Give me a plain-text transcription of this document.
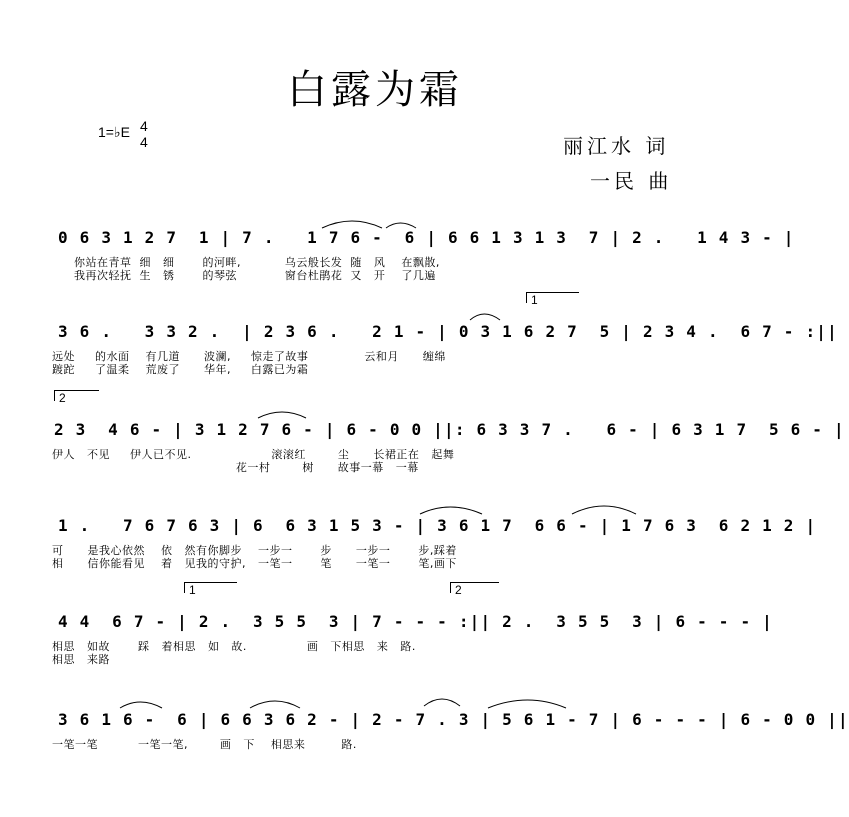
白露为霜
1=♭E 4
4	丽江水 词
一民 曲
0 6 3 1 2 7  1 | 7 .   1 7 6 -  6 | 6 6 1 3 1 3  7 | 2 .   1 4 3 - |
你站在青草  细   细       的河畔,           乌云般长发  随   风    在飘散,
我再次轻抚  生   锈       的琴弦            窗台杜鹃花  又   开    了几遍
1
3 6 .   3 3 2 .  | 2 3 6 .   2 1 - | 0 3 1 6 2 7  5 | 2 3 4 .  6 7 - :||
远处     的水面    有几道      波澜,     惊走了故事              云和月      缠绵
踱跎     了温柔    荒废了      华年,     白露已为霜
2
2 3  4 6 - | 3 1 2 7 6 - | 6 - 0 0 ||: 6 3 3 7 .   6 - | 6 3 1 7  5 6 - |
伊人   不见     伊人已不见.                    滚滚红        尘      长裙正在   起舞
花一村        树      故事一幕   一幕
1 .   7 6 7 6 3 | 6  6 3 1 5 3 - | 3 6 1 7  6 6 - | 1 7 6 3  6 2 1 2 |
可      是我心依然    依   然有你脚步    一步一       步      一步一       步,踩着
相      信你能看见    着   见我的守护,   一笔一       笔      一笔一       笔,画下
1	2
4 4  6 7 - | 2 .  3 5 5  3 | 7 - - - :|| 2 .  3 5 5  3 | 6 - - - |
相思   如故       踩   着相思   如   故.               画   下相思   来   路.
相思   来路
3 6 1 6 -  6 | 6 6 3 6 2 - | 2 - 7 . 3 | 5 6 1 - 7 | 6 - - - | 6 - 0 0 ||
一笔一笔          一笔一笔,        画   下    相思来         路.
